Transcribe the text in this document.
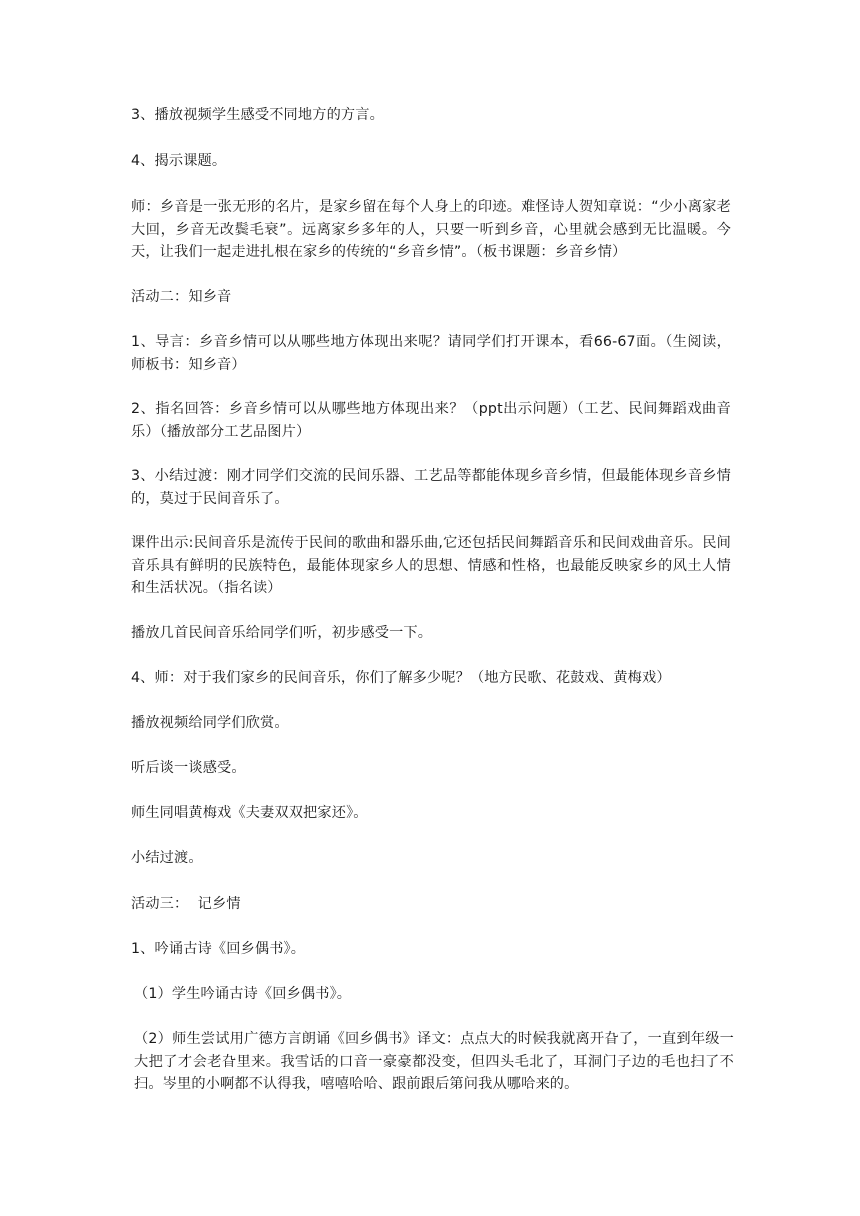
3、播放视频学生感受不同地方的方言。

4、揭示课题。

师：乡音是一张无形的名片，是家乡留在每个人身上的印迹。难怪诗人贺知章说：“少小离家老大回，乡音无改鬓毛衰”。远离家乡多年的人，只要一听到乡音，心里就会感到无比温暖。今天，让我们一起走进扎根在家乡的传统的“乡音乡情”。（板书课题：乡音乡情）

活动二：知乡音

1、导言：乡音乡情可以从哪些地方体现出来呢？请同学们打开课本，看66-67面。（生阅读，师板书：知乡音）

2、指名回答：乡音乡情可以从哪些地方体现出来？（ppt出示问题）（工艺、民间舞蹈戏曲音乐）（播放部分工艺品图片）

3、小结过渡：刚才同学们交流的民间乐器、工艺品等都能体现乡音乡情，但最能体现乡音乡情的，莫过于民间音乐了。

课件出示:民间音乐是流传于民间的歌曲和器乐曲,它还包括民间舞蹈音乐和民间戏曲音乐。民间音乐具有鲜明的民族特色，最能体现家乡人的思想、情感和性格，也最能反映家乡的风土人情和生活状况。（指名读）

播放几首民间音乐给同学们听，初步感受一下。

4、师：对于我们家乡的民间音乐，你们了解多少呢？（地方民歌、花鼓戏、黄梅戏）

播放视频给同学们欣赏。

听后谈一谈感受。

师生同唱黄梅戏《夫妻双双把家还》。

小结过渡。

活动三：  记乡情

1、吟诵古诗《回乡偶书》。

（1）学生吟诵古诗《回乡偶书》。

（2）师生尝试用广德方言朗诵《回乡偶书》译文：点点大的时候我就离开旮了，一直到年级一大把了才会老旮里来。我雪话的口音一豪豪都没变，但四头毛北了，耳洞门子边的毛也扫了不扫。岑里的小啊都不认得我，嘻嘻哈哈、跟前跟后第问我从哪哈来的。
